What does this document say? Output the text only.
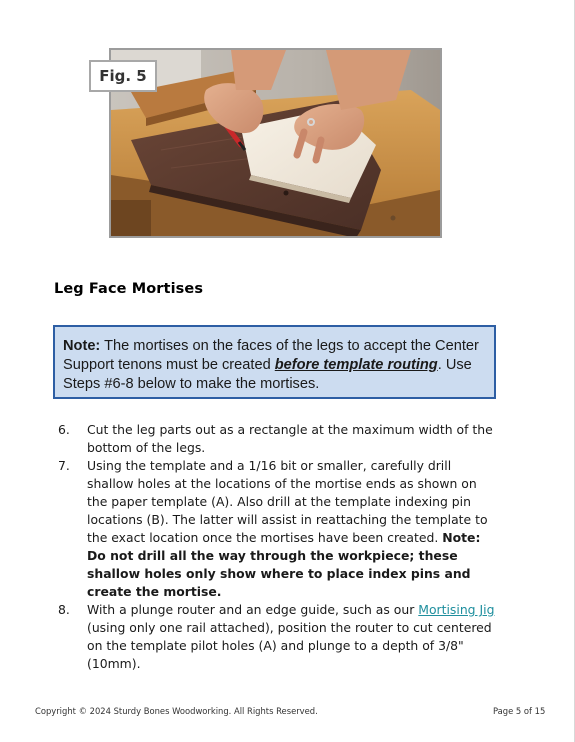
Fig. 5
Leg Face Mortises
Note: The mortises on the faces of the legs to accept the Center Support tenons must be created before template routing. Use Steps #6-8 below to make the mortises.
6. Cut the leg parts out as a rectangle at the maximum width of the bottom of the legs.
7. Using the template and a 1/16 bit or smaller, carefully drill shallow holes at the locations of the mortise ends as shown on the paper template (A). Also drill at the template indexing pin locations (B). The latter will assist in reattaching the template to the exact location once the mortises have been created. Note: Do not drill all the way through the workpiece; these shallow holes only show where to place index pins and create the mortise.
8. With a plunge router and an edge guide, such as our Mortising Jig (using only one rail attached), position the router to cut centered on the template pilot holes (A) and plunge to a depth of 3/8" (10mm).
Copyright © 2024 Sturdy Bones Woodworking. All Rights Reserved.	Page 5 of 15
